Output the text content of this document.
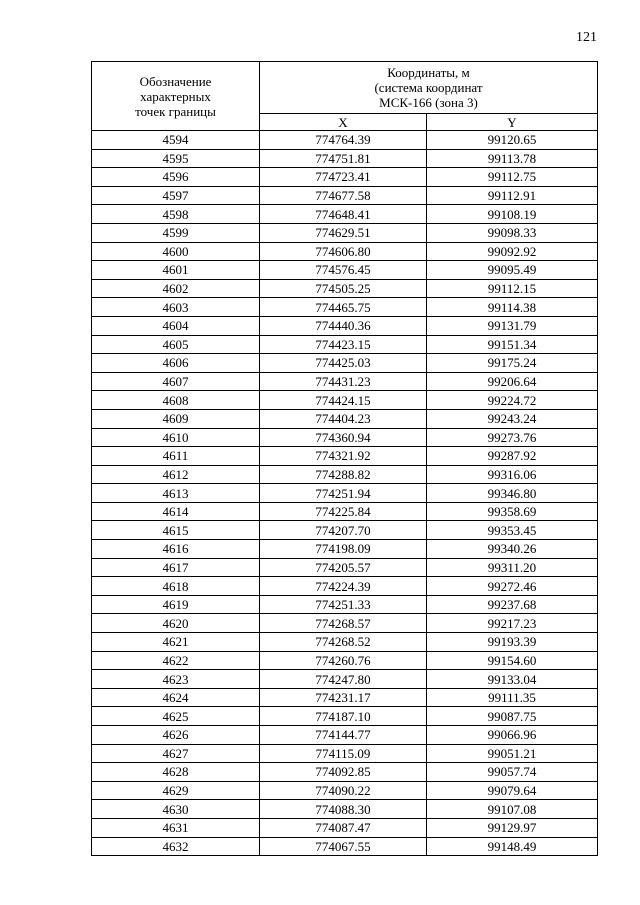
121
Обозначение
характерных
точек границы	Координаты, м
(система координат
МСК-166 (зона 3)	

	X	Y
4594	774764.39	99120.65
4595	774751.81	99113.78
4596	774723.41	99112.75
4597	774677.58	99112.91
4598	774648.41	99108.19
4599	774629.51	99098.33
4600	774606.80	99092.92
4601	774576.45	99095.49
4602	774505.25	99112.15
4603	774465.75	99114.38
4604	774440.36	99131.79
4605	774423.15	99151.34
4606	774425.03	99175.24
4607	774431.23	99206.64
4608	774424.15	99224.72
4609	774404.23	99243.24
4610	774360.94	99273.76
4611	774321.92	99287.92
4612	774288.82	99316.06
4613	774251.94	99346.80
4614	774225.84	99358.69
4615	774207.70	99353.45
4616	774198.09	99340.26
4617	774205.57	99311.20
4618	774224.39	99272.46
4619	774251.33	99237.68
4620	774268.57	99217.23
4621	774268.52	99193.39
4622	774260.76	99154.60
4623	774247.80	99133.04
4624	774231.17	99111.35
4625	774187.10	99087.75
4626	774144.77	99066.96
4627	774115.09	99051.21
4628	774092.85	99057.74
4629	774090.22	99079.64
4630	774088.30	99107.08
4631	774087.47	99129.97
4632	774067.55	99148.49
